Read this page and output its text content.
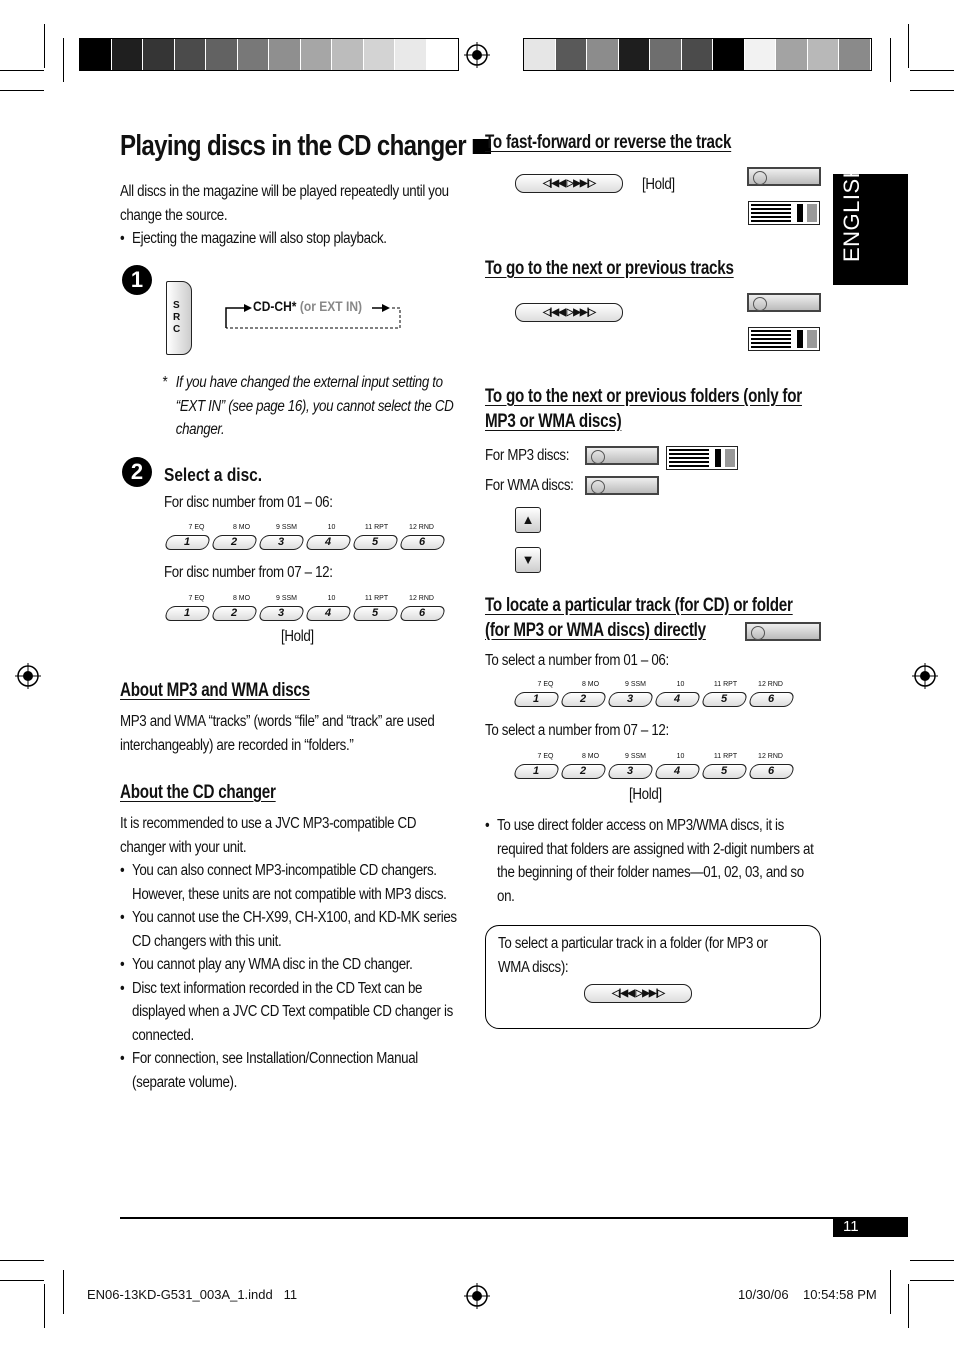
ENGLISH
Playing discs in the CD changer

All discs in the magazine will be played repeatedly until you change the source.

• Ejecting the magazine will also stop playback.

1
S
R
C
CD-CH* (or EXT IN)
* If you have changed the external input setting to “EXT IN” (see page 16), you cannot select the CD changer.

2	Select a disc.
For disc number from 01 – 06:
7 EQ	8 MO	9 SSM	10	11 RPT	12 RND
1	2	3	4	5	6
For disc number from 07 – 12:
7 EQ	8 MO	9 SSM	10	11 RPT	12 RND
1	2	3	4	5	6
[Hold]
About MP3 and WMA discs
MP3 and WMA “tracks” (words “file” and “track” are used interchangeably) are recorded in “folders.”
About the CD changer

It is recommended to use a JVC MP3-compatible CD changer with your unit.

• You can also connect MP3-incompatible CD changers. However, these units are not compatible with MP3 discs.

• You cannot use the CH-X99, CH-X100, and KD-MK series CD changers with this unit.

• You cannot play any WMA disc in the CD changer.

• Disc text information recorded in the CD Text can be displayed when a JVC CD Text compatible CD changer is connected.

• For connection, see Installation/Connection Manual (separate volume).

To fast-forward or reverse the track
◁|◀◀ ▷▶▶|▷	[Hold]
To go to the next or previous tracks
◁|◀◀ ▷▶▶|▷
To go to the next or previous folders (only for MP3 or WMA discs)
For MP3 discs:
For WMA discs:
▲
▼
To locate a particular track (for CD) or folder
(for MP3 or WMA discs) directly
To select a number from 01 – 06:
7 EQ	8 MO	9 SSM	10	11 RPT	12 RND
1	2	3	4	5	6
To select a number from 07 – 12:
7 EQ	8 MO	9 SSM	10	11 RPT	12 RND
1	2	3	4	5	6
[Hold]

• To use direct folder access on MP3/WMA discs, it is required that folders are assigned with 2-digit numbers at the beginning of their folder names—01, 02, 03, and so on.

To select a particular track in a folder (for MP3 or WMA discs):
◁|◀◀ ▷▶▶|▷
11
EN06-13KD-G531_003A_1.indd   11	10/30/06 10:54:58 PM
